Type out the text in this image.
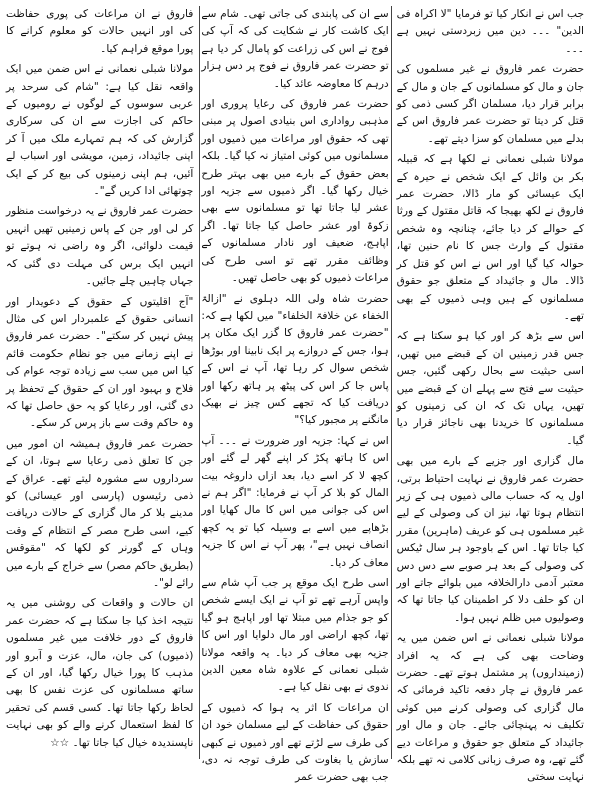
جب اس نے انکار کیا تو فرمایا "لا اکراہ فی الدین" ۔۔۔ دین میں زبردستی نہیں ہے ۔۔۔

حضرت عمر فاروق نے غیر مسلموں کی جان و مال کو مسلمانوں کے جان و مال کے برابر قرار دیا، مسلمان اگر کسی ذمی کو قتل کر دیتا تو حضرت عمر فاروق اس کے بدلے میں مسلمان کو سزا دیتے تھے۔

مولانا شبلی نعمانی نے لکھا ہے کہ قبیلہ بکر بن وائل کے ایک شخص نے حیرہ کے ایک عیسائی کو مار ڈالا، حضرت عمر فاروق نے لکھ بھیجا کہ قاتل مقتول کے ورثا کے حوالے کر دیا جائے، چنانچہ وہ شخص مقتول کے وارث جس کا نام حنین تھا، حوالہ کیا گیا اور اس نے اس کو قتل کر ڈالا۔ مال و جائیداد کے متعلق جو حقوق مسلمانوں کے ہیں وہی ذمیوں کے بھی تھے۔

اس سے بڑھ کر اور کیا ہو سکتا ہے کہ جس قدر زمینیں ان کے قبضے میں تھیں، اسی حیثیت سے بحال رکھی گئیں، جس حیثیت سے فتح سے پہلے ان کے قبضے میں تھیں، یہاں تک کہ ان کی زمینوں کو مسلمانوں کا خریدنا بھی ناجائز قرار دیا گیا۔

مال گزاری اور جزیے کے بارے میں بھی حضرت عمر فاروق نے نہایت احتیاط برتی، اول یہ کہ حساب مالی ذمیوں ہی کے زیر انتظام ہوتا تھا، نیز ان کی وصولی کے لیے غیر مسلموں ہی کو عریف (ماہرین) مقرر کیا جاتا تھا۔ اس کے باوجود ہر سال ٹیکس کی وصولی کے بعد ہر صوبے سے دس دس معتبر آدمی دارالخلافہ میں بلوائے جاتے اور ان کو حلف دلا کر اطمینان کیا جاتا تھا کہ وصولیوں میں ظلم نہیں ہوا۔

مولانا شبلی نعمانی نے اس ضمن میں یہ وضاحت بھی کی ہے کہ یہ افراد (زمینداروں) پر مشتمل ہوتے تھے۔ حضرت عمر فاروق نے چار دفعہ تاکید فرمائی کہ مال گزاری کی وصولی کرنے میں کوئی تکلیف نہ پہنچائی جائے۔ جان و مال اور جائیداد کے متعلق جو حقوق و مراعات دیے گئے تھے، وہ صرف زبانی کلامی نہ تھے بلکہ نہایت سختی

سے ان کی پابندی کی جاتی تھی۔ شام سے ایک کاشت کار نے شکایت کی کہ آپ کی فوج نے اس کی زراعت کو پامال کر دیا ہے تو حضرت عمر فاروق نے فوج پر دس ہزار درہم کا معاوضہ عائد کیا۔

حضرت عمر فاروق کی رعایا پروری اور مذہبی رواداری اس بنیادی اصول پر مبنی تھی کہ حقوق اور مراعات میں ذمیوں اور مسلمانوں میں کوئی امتیاز نہ کیا گیا۔ بلکہ بعض حقوق کے بارے میں بھی بہتر طرح خیال رکھا گیا۔ اگر ذمیوں سے جزیہ اور عشر لیا جاتا تھا تو مسلمانوں سے بھی زکوۃ اور عشر حاصل کیا جاتا تھا۔ اگر اپاہج، ضعیف اور نادار مسلمانوں کے وظائف مقرر تھے تو اسی طرح کی مراعات ذمیوں کو بھی حاصل تھیں۔

حضرت شاہ ولی اللہ دہلوی نے "ازالۃ الخفاء عن خلافۃ الخلفاء" میں لکھا ہے کہ: "حضرت عمر فاروق کا گزر ایک مکان پر ہوا، جس کے دروازے پر ایک نابینا اور بوڑھا شخص سوال کر رہا تھا، آپ نے اس کے پاس جا کر اس کی پیٹھ پر ہاتھ رکھا اور دریافت کیا کہ تجھے کس چیز نے بھیک مانگنے پر مجبور کیا؟"

اس نے کہا: جزیہ اور ضرورت نے ۔۔۔ آپ اس کا ہاتھ پکڑ کر اپنے گھر لے گئے اور کچھ لا کر اسے دیا، بعد ازاں داروغہ بیت المال کو بلا کر آپ نے فرمایا: "اگر ہم نے اس کی جوانی میں اس کا مال کھایا اور بڑھاپے میں اسے بے وسیلہ کیا تو یہ کچھ انصاف نہیں ہے"، پھر آپ نے اس کا جزیہ معاف کر دیا۔

اسی طرح ایک موقع پر جب آپ شام سے واپس آرہے تھے تو آپ نے ایک ایسے شخص کو جو جذام میں مبتلا تھا اور اپاہج ہو گیا تھا، کچھ اراضی اور مال دلوایا اور اس کا جزیہ بھی معاف کر دیا۔ یہ واقعہ مولانا شبلی نعمانی کے علاوہ شاہ معین الدین ندوی نے بھی نقل کیا ہے۔

ان مراعات کا اثر یہ ہوا کہ ذمیوں کے حقوق کی حفاظت کے لیے مسلمان خود ان کی طرف سے لڑتے تھے اور ذمیوں نے کبھی سازش یا بغاوت کی طرف توجہ نہ دی، جب بھی حضرت عمر

فاروق نے ان مراعات کی پوری حفاظت کی اور انہیں حالات کو معلوم کرانے کا پورا موقع فراہم کیا۔

مولانا شبلی نعمانی نے اس ضمن میں ایک واقعہ نقل کیا ہے: "شام کی سرحد پر عربی سوسوں کے لوگوں نے رومیوں کے حاکم کی اجازت سے ان کی سرکاری گزارش کی کہ ہم تمہارے ملک میں آ کر اپنی جائیداد، زمین، مویشی اور اسباب لے آئیں، ہم اپنی زمینوں کی بیع کر کے ایک چوتھائی ادا کریں گے"۔

حضرت عمر فاروق نے یہ درخواست منظور کر لی اور جن کے پاس زمینیں تھیں انہیں قیمت دلوائی، اگر وہ راضی نہ ہوتے تو انہیں ایک برس کی مہلت دی گئی کہ جہاں چاہیں چلے جائیں۔

"آج اقلیتوں کے حقوق کے دعویدار اور انسانی حقوق کے علمبردار اس کی مثال پیش نہیں کر سکتے"۔ حضرت عمر فاروق نے اپنے زمانے میں جو نظام حکومت قائم کیا اس میں سب سے زیادہ توجہ عوام کی فلاح و بہبود اور ان کے حقوق کے تحفظ پر دی گئی، اور رعایا کو یہ حق حاصل تھا کہ وہ حاکم وقت سے باز پرس کر سکے۔

حضرت عمر فاروق ہمیشہ ان امور میں جن کا تعلق ذمی رعایا سے ہوتا، ان کے سرداروں سے مشورہ لیتے تھے۔ عراق کے ذمی رئیسوں (پارسی اور عیسائی) کو مدینے بلا کر مال گزاری کے حالات دریافت کیے، اسی طرح مصر کے انتظام کے وقت وہاں کے گورنر کو لکھا کہ "مقوقس (بطریق حاکم مصر) سے خراج کے بارے میں رائے لو"۔

ان حالات و واقعات کی روشنی میں یہ نتیجہ اخذ کیا جا سکتا ہے کہ حضرت عمر فاروق کے دور خلافت میں غیر مسلموں (ذمیوں) کی جان، مال، عزت و آبرو اور مذہب کا پورا خیال رکھا گیا، اور ان کے ساتھ مسلمانوں کی عزت نفس کا بھی لحاظ رکھا جاتا تھا۔ کسی قسم کی تحقیر کا لفظ استعمال کرنے والے کو بھی نہایت ناپسندیدہ خیال کیا جاتا تھا۔ ☆☆
